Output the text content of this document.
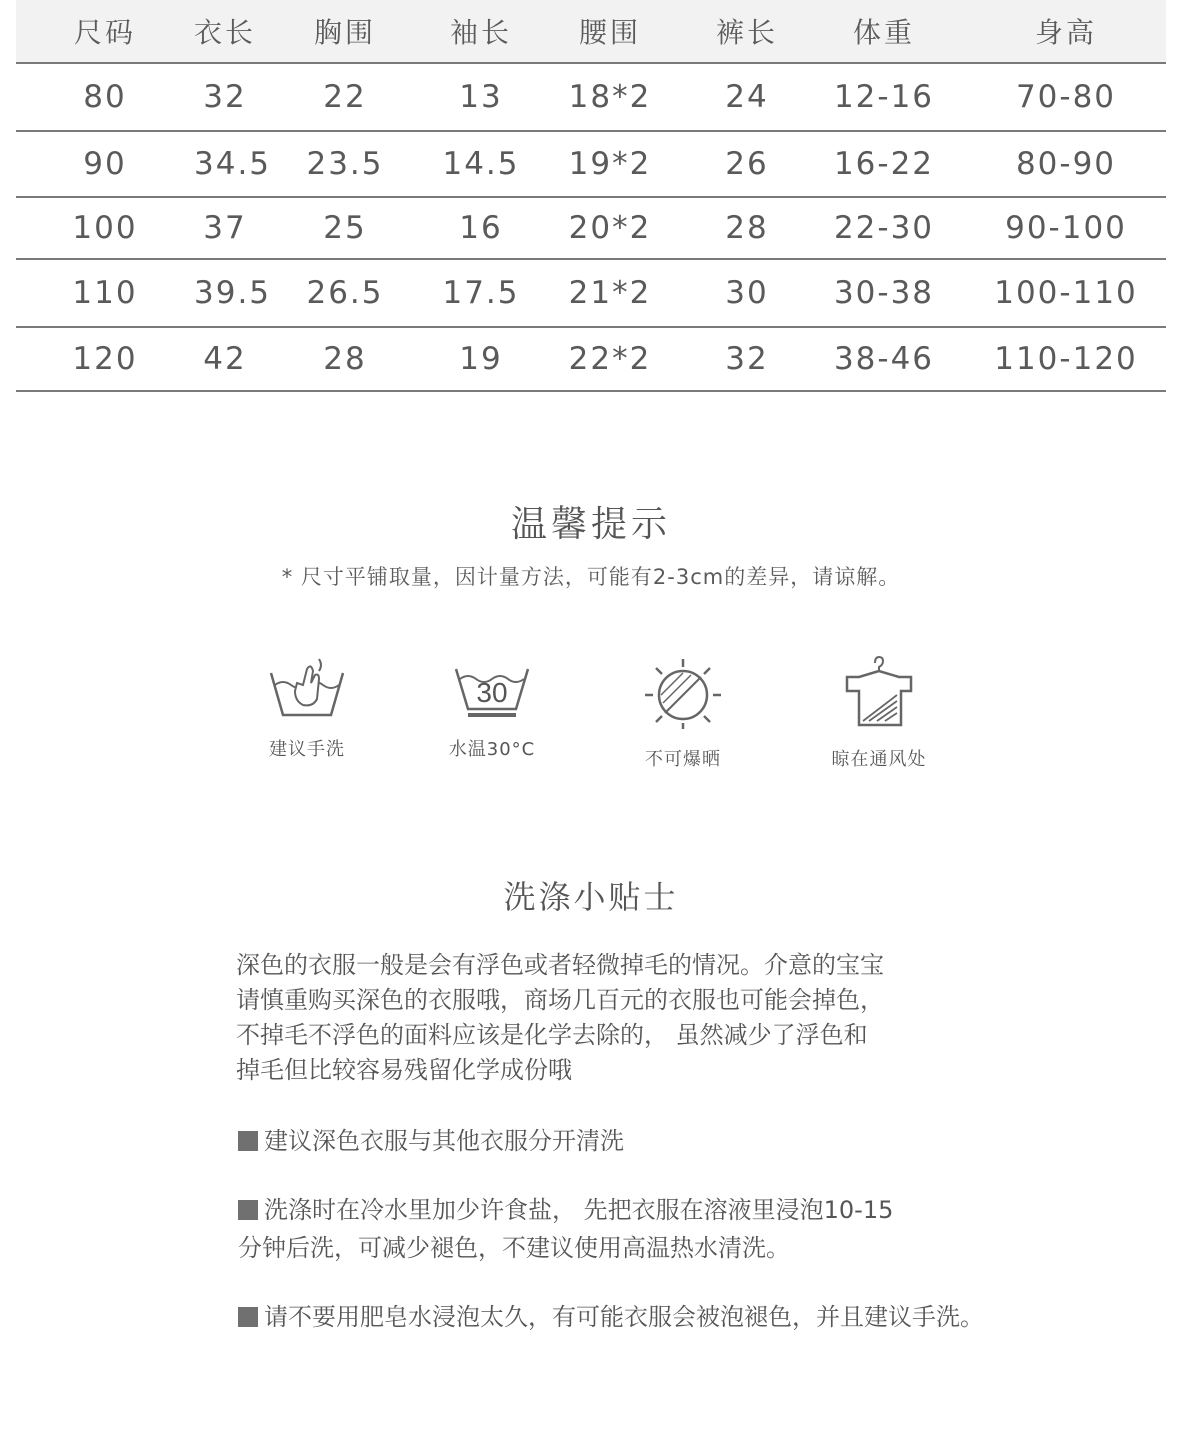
尺码	衣长	胸围	袖长	腰围	裤长	体重	身高
80	32	22	13	18*2	24	12-16	70-80
90	34.5	23.5	14.5	19*2	26	16-22	80-90
100	37	25	16	20*2	28	22-30	90-100
110	39.5	26.5	17.5	21*2	30	30-38	100-110
120	42	28	19	22*2	32	38-46	110-120
温馨提示
* 尺寸平铺取量，因计量方法，可能有2-3cm的差异，请谅解。
建议手洗
30
水温30°C	不可爆晒	晾在通风处
洗涤小贴士

深色的衣服一般是会有浮色或者轻微掉毛的情况。介意的宝宝
请慎重购买深色的衣服哦，商场几百元的衣服也可能会掉色，
不掉毛不浮色的面料应该是化学去除的， 虽然减少了浮色和
掉毛但比较容易残留化学成份哦

建议深色衣服与其他衣服分开清洗
洗涤时在冷水里加少许食盐， 先把衣服在溶液里浸泡10-15
分钟后洗，可减少褪色，不建议使用高温热水清洗。
请不要用肥皂水浸泡太久，有可能衣服会被泡褪色，并且建议手洗。
